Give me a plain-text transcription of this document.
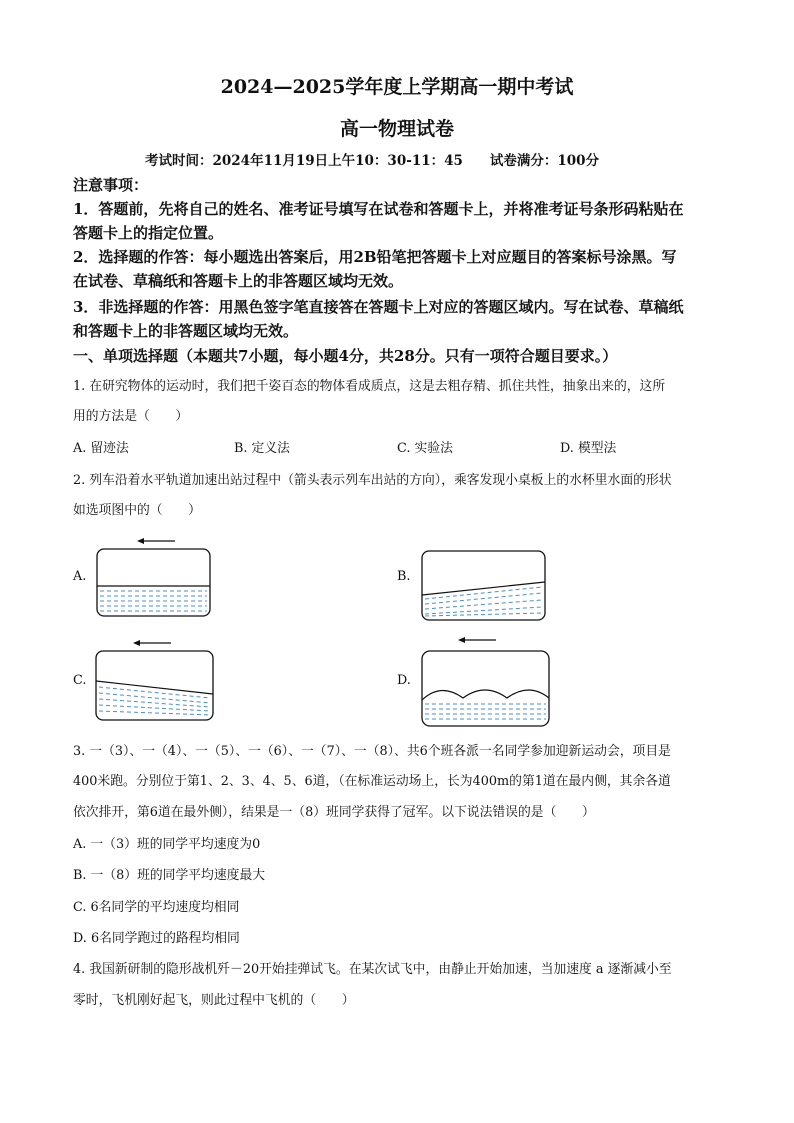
2024—2025学年度上学期高一期中考试
高一物理试卷
考试时间：2024年11月19日上午10：30-11：45　　试卷满分：100分
注意事项：
1．答题前，先将自己的姓名、准考证号填写在试卷和答题卡上，并将准考证号条形码粘贴在
答题卡上的指定位置。
2．选择题的作答：每小题选出答案后，用2B铅笔把答题卡上对应题目的答案标号涂黑。写
在试卷、草稿纸和答题卡上的非答题区域均无效。
3．非选择题的作答：用黑色签字笔直接答在答题卡上对应的答题区域内。写在试卷、草稿纸
和答题卡上的非答题区域均无效。
一、单项选择题（本题共7小题，每小题4分，共28分。只有一项符合题目要求。）
1. 在研究物体的运动时，我们把千姿百态的物体看成质点，这是去粗存精、抓住共性，抽象出来的，这所
用的方法是（　　）
A. 留迹法	B. 定义法	C. 实验法	D. 模型法
2. 列车沿着水平轨道加速出站过程中（箭头表示列车出站的方向），乘客发现小桌板上的水杯里水面的形状
如选项图中的（　　）
A.	B.
C.	D.
3. 一（3）、一（4）、一（5）、一（6）、一（7）、一（8）、共6个班各派一名同学参加迎新运动会，项目是
400米跑。分别位于第1、2、3、4、5、6道，（在标准运动场上，长为400m的第1道在最内侧，其余各道
依次排开，第6道在最外侧），结果是一（8）班同学获得了冠军。以下说法错误的是（　　）
A. 一（3）班的同学平均速度为0
B. 一（8）班的同学平均速度最大
C. 6名同学的平均速度均相同
D. 6名同学跑过的路程均相同
4. 我国新研制的隐形战机歼－20开始挂弹试飞。在某次试飞中，由静止开始加速，当加速度 a 逐渐减小至
零时，飞机刚好起飞，则此过程中飞机的（　　）
